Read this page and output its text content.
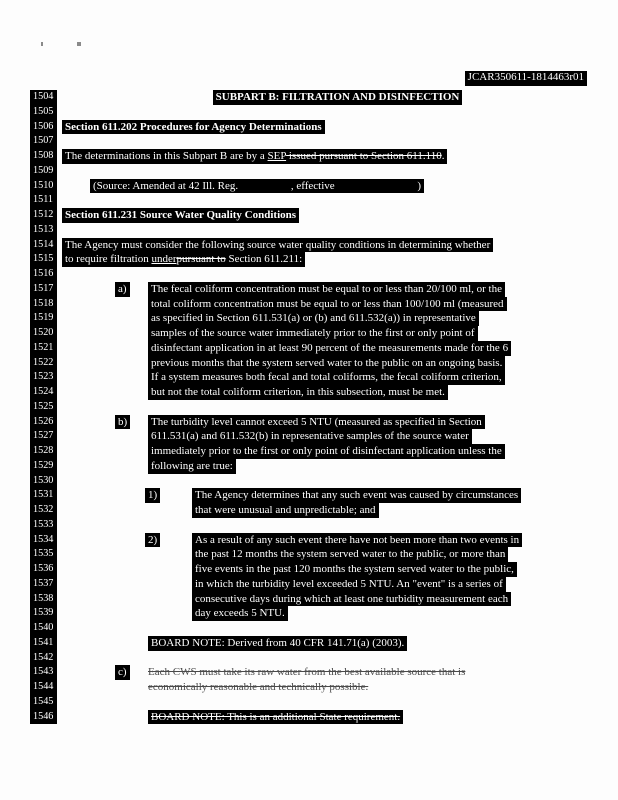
JCAR350611-1814463r01
1504	SUBPART B: FILTRATION AND DISINFECTION
1505
1506	Section 611.202 Procedures for Agency Determinations
1507
1508	The determinations in this Subpart B are by a SEP issued pursuant to Section 611.110.
1509
1510	(Source: Amended at 42 Ill. Reg.	, effective	)
1511
1512	Section 611.231 Source Water Quality Conditions
1513
1514	The Agency must consider the following source water quality conditions in determining whether
1515	to require filtration underpursuant to Section 611.211:
1516
1517	a) The fecal coliform concentration must be equal to or less than 20/100 ml, or the
1518	total coliform concentration must be equal to or less than 100/100 ml (measured
1519	as specified in Section 611.531(a) or (b) and 611.532(a)) in representative
1520	samples of the source water immediately prior to the first or only point of
1521	disinfectant application in at least 90 percent of the measurements made for the 6
1522	previous months that the system served water to the public on an ongoing basis.
1523	If a system measures both fecal and total coliforms, the fecal coliform criterion,
1524	but not the total coliform criterion, in this subsection, must be met.
1525
1526	b) The turbidity level cannot exceed 5 NTU (measured as specified in Section
1527	611.531(a) and 611.532(b) in representative samples of the source water
1528	immediately prior to the first or only point of disinfectant application unless the
1529	following are true:
1530
1531	1)	The Agency determines that any such event was caused by circumstances
1532	that were unusual and unpredictable; and
1533
1534	2)	As a result of any such event there have not been more than two events in
1535	the past 12 months the system served water to the public, or more than
1536	five events in the past 120 months the system served water to the public,
1537	in which the turbidity level exceeded 5 NTU. An "event" is a series of
1538	consecutive days during which at least one turbidity measurement each
1539	day exceeds 5 NTU.
1540
1541	BOARD NOTE: Derived from 40 CFR 141.71(a) (2003).
1542
1543	c) Each CWS must take its raw water from the best available source that is
1544	economically reasonable and technically possible.
1545
1546	BOARD NOTE: This is an additional State requirement.
